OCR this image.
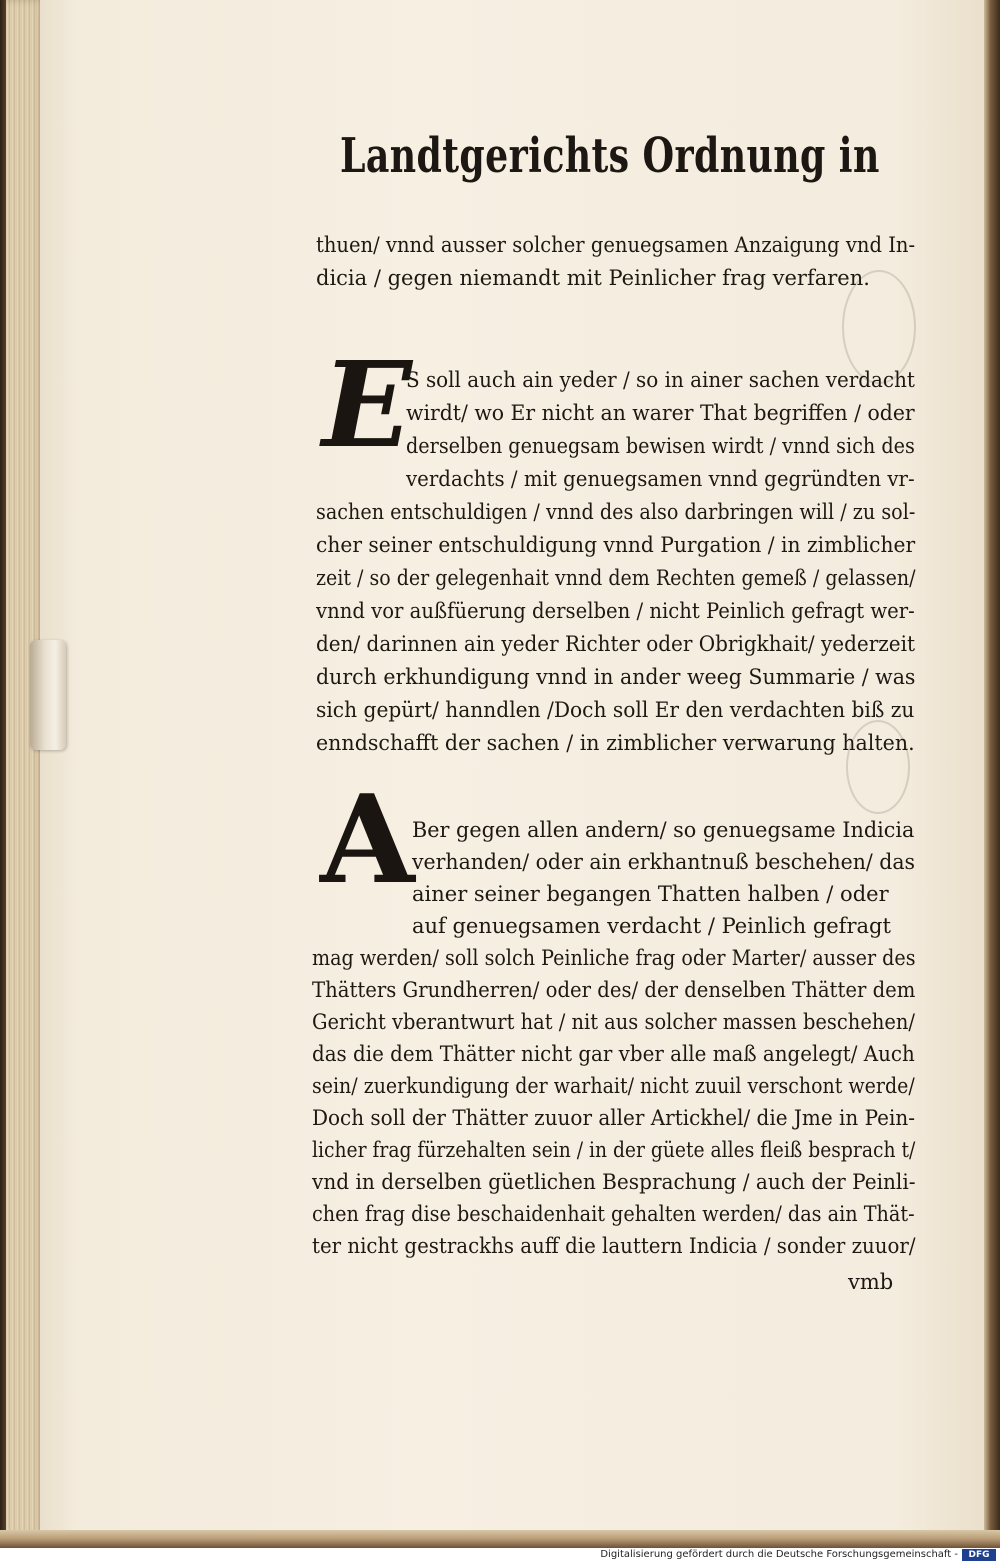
Landtgerichts Ordnung in
thuen/ vnnd ausser solcher genuegsamen Anzaigung vnd In-
dicia / gegen niemandt mit Peinlicher frag verfaren.
E
S soll auch ain yeder / so in ainer sachen verdacht
wirdt/ wo Er nicht an warer That begriffen / oder
derselben genuegsam bewisen wirdt / vnnd sich des
verdachts / mit genuegsamen vnnd gegründten vr-
sachen entschuldigen / vnnd des also darbringen will / zu sol-
cher seiner entschuldigung vnnd Purgation / in zimblicher
zeit / so der gelegenhait vnnd dem Rechten gemeß / gelassen/
vnnd vor außfüerung derselben / nicht Peinlich gefragt wer-
den/ darinnen ain yeder Richter oder Obrigkhait/ yederzeit
durch erkhundigung vnnd in ander weeg Summarie / was
sich gepürt/ hanndlen /Doch soll Er den verdachten biß zu
enndschafft der sachen / in zimblicher verwarung halten.
A
Ber gegen allen andern/ so genuegsame Indicia
verhanden/ oder ain erkhantnuß beschehen/ das
ainer seiner begangen Thatten halben / oder
auf genuegsamen verdacht / Peinlich gefragt
mag werden/ soll solch Peinliche frag oder Marter/ ausser des
Thätters Grundherren/ oder des/ der denselben Thätter dem
Gericht vberantwurt hat / nit aus solcher massen beschehen/
das die dem Thätter nicht gar vber alle maß angelegt/ Auch
sein/ zuerkundigung der warhait/ nicht zuuil verschont werde/
Doch soll der Thätter zuuor aller Artickhel/ die Jme in Pein-
licher frag fürzehalten sein / in der güete alles fleiß besprach t/
vnd in derselben güetlichen Besprachung / auch der Peinli-
chen frag dise beschaidenhait gehalten werden/ das ain Thät-
ter nicht gestrackhs auff die lauttern Indicia / sonder zuuor/
vmb
Digitalisierung gefördert durch die Deutsche Forschungsgemeinschaft -	DFG
